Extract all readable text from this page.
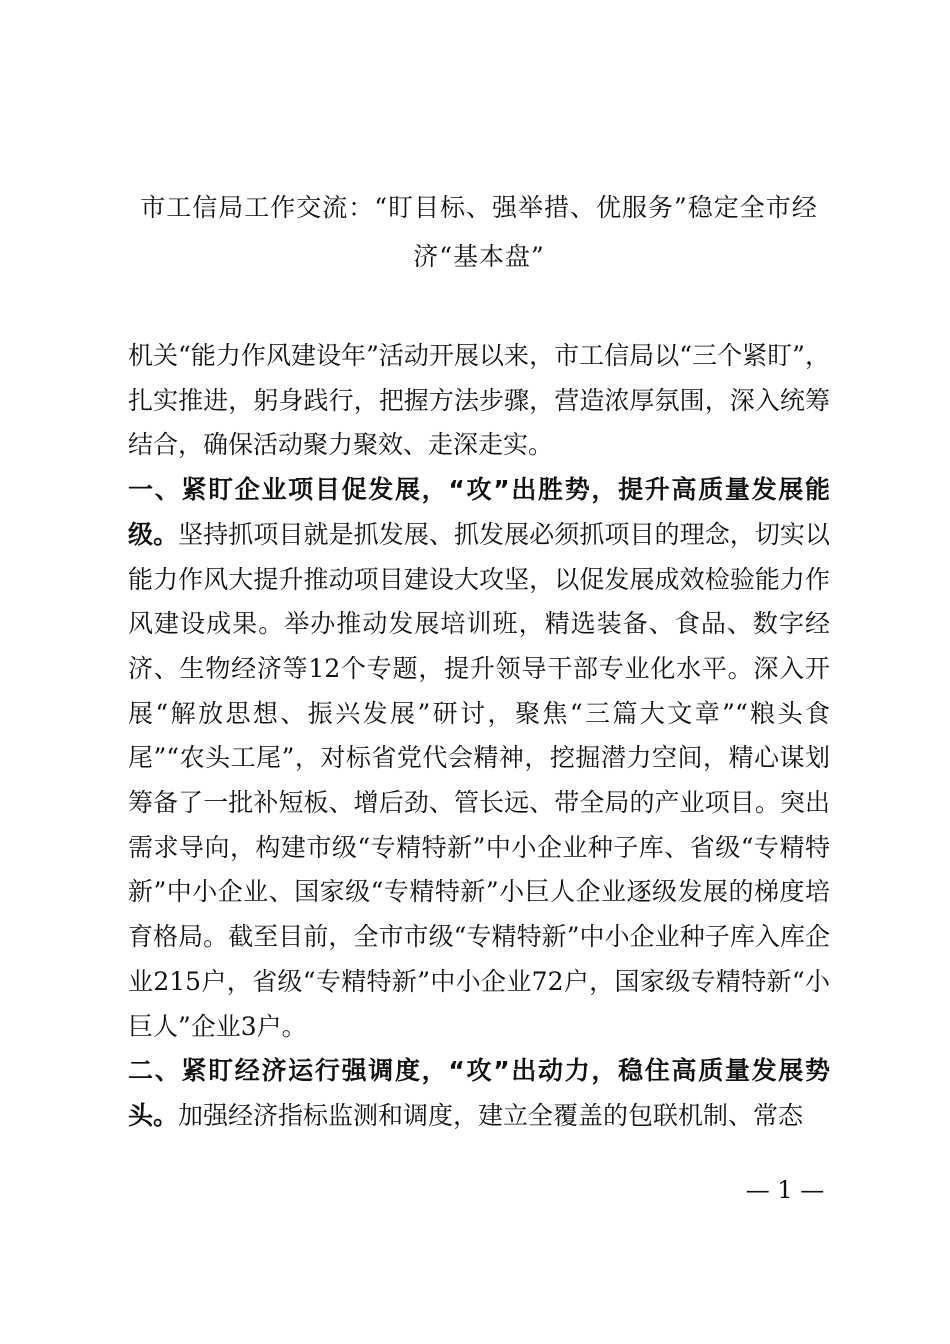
市工信局工作交流：“盯目标、强举措、优服务”稳定全市经
济“基本盘”

机关“能力作风建设年”活动开展以来，市工信局以“三个紧盯”，扎实推进，躬身践行，把握方法步骤，营造浓厚氛围，深入统筹结合，确保活动聚力聚效、走深走实。

一、紧盯企业项目促发展，“攻”出胜势，提升高质量发展能级。坚持抓项目就是抓发展、抓发展必须抓项目的理念，切实以能力作风大提升推动项目建设大攻坚，以促发展成效检验能力作风建设成果。举办推动发展培训班，精选装备、食品、数字经济、生物经济等12个专题，提升领导干部专业化水平。深入开展“解放思想、振兴发展”研讨，聚焦“三篇大文章”“粮头食尾”“农头工尾”，对标省党代会精神，挖掘潜力空间，精心谋划筹备了一批补短板、增后劲、管长远、带全局的产业项目。突出需求导向，构建市级“专精特新”中小企业种子库、省级“专精特新”中小企业、国家级“专精特新”小巨人企业逐级发展的梯度培育格局。截至目前，全市市级“专精特新”中小企业种子库入库企业215户，省级“专精特新”中小企业72户，国家级专精特新“小巨人”企业3户。

二、紧盯经济运行强调度，“攻”出动力，稳住高质量发展势头。加强经济指标监测和调度，建立全覆盖的包联机制、常态

— 1 —
